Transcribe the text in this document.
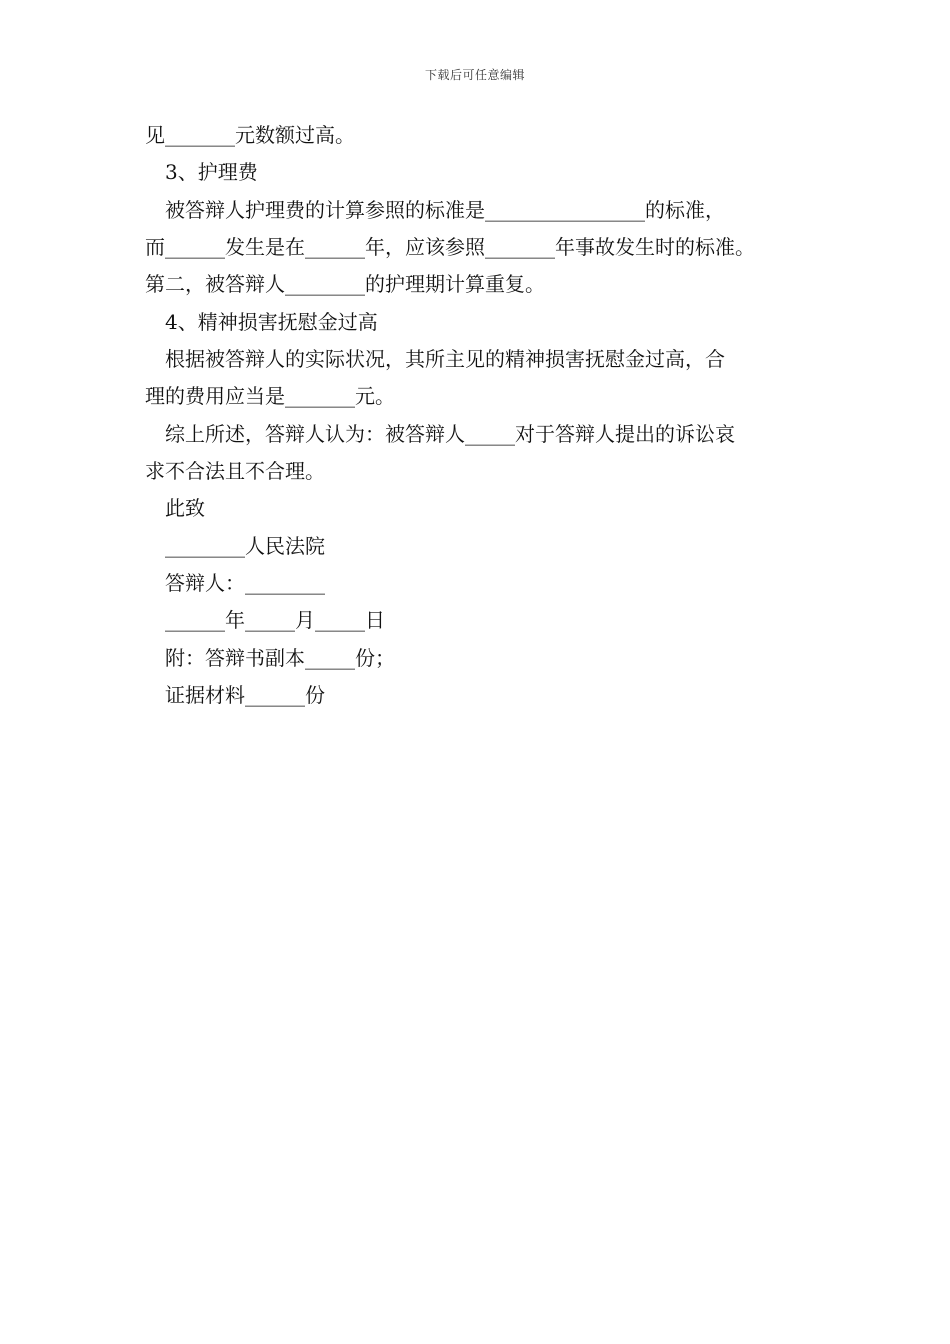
下载后可任意编辑
见_______元数额过高。
3、护理费
被答辩人护理费的计算参照的标准是________________的标准，
而______发生是在______年，应该参照_______年事故发生时的标准。
第二，被答辩人________的护理期计算重复。
4、精神损害抚慰金过高
根据被答辩人的实际状况，其所主见的精神损害抚慰金过高，合
理的费用应当是_______元。
综上所述，答辩人认为：被答辩人_____对于答辩人提出的诉讼哀
求不合法且不合理。
此致
________人民法院
答辩人：________
______年_____月_____日
附：答辩书副本_____份；
证据材料______份
